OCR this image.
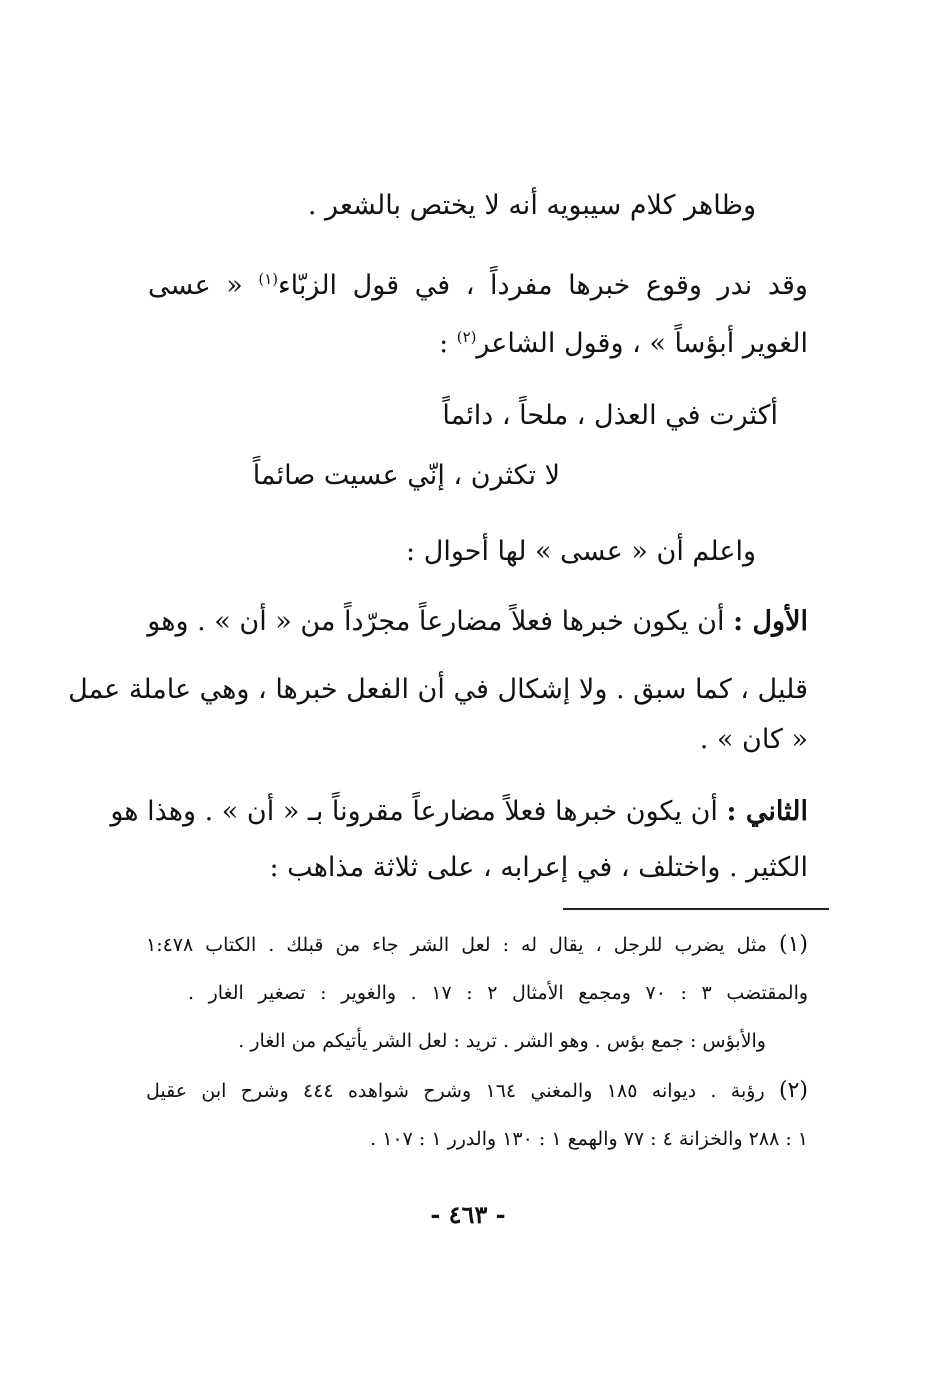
وظاهر كلام سيبويه أنه لا يختص بالشعر .
وقد ندر وقوع خبرها مفرداً ، في قول الزبّاء$^{(١)}$ « عسى
الغوير أبؤساً » ، وقول الشاعر$^{(٢)}$ :
أكثرت في العذل ، ملحاً ، دائماً
لا تكثرن ، إنّي عسيت صائماً
واعلم أن « عسى » لها أحوال :
الأول : أن يكون خبرها فعلاً مضارعاً مجرّداً من « أن » . وهو
قليل ، كما سبق . ولا إشكال في أن الفعل خبرها ، وهي عاملة عمل
« كان » .
الثاني : أن يكون خبرها فعلاً مضارعاً مقروناً بـ « أن » . وهذا هو
الكثير . واختلف ، في إعرابه ، على ثلاثة مذاهب :
(١) مثل يضرب للرجل ، يقال له : لعل الشر جاء من قبلك . الكتاب ١:٤٧٨
والمقتضب ٣ : ٧٠ ومجمع الأمثال ٢ : ١٧ . والغوير : تصغير الغار .
والأبؤس : جمع بؤس . وهو الشر . تريد : لعل الشر يأتيكم من الغار .
(٢) رؤبة . ديوانه ١٨٥ والمغني ١٦٤ وشرح شواهده ٤٤٤ وشرح ابن عقيل
١ : ٢٨٨ والخزانة ٤ : ٧٧ والهمع ١ : ١٣٠ والدرر ١ : ١٠٧ .
- ٤٦٣ -
